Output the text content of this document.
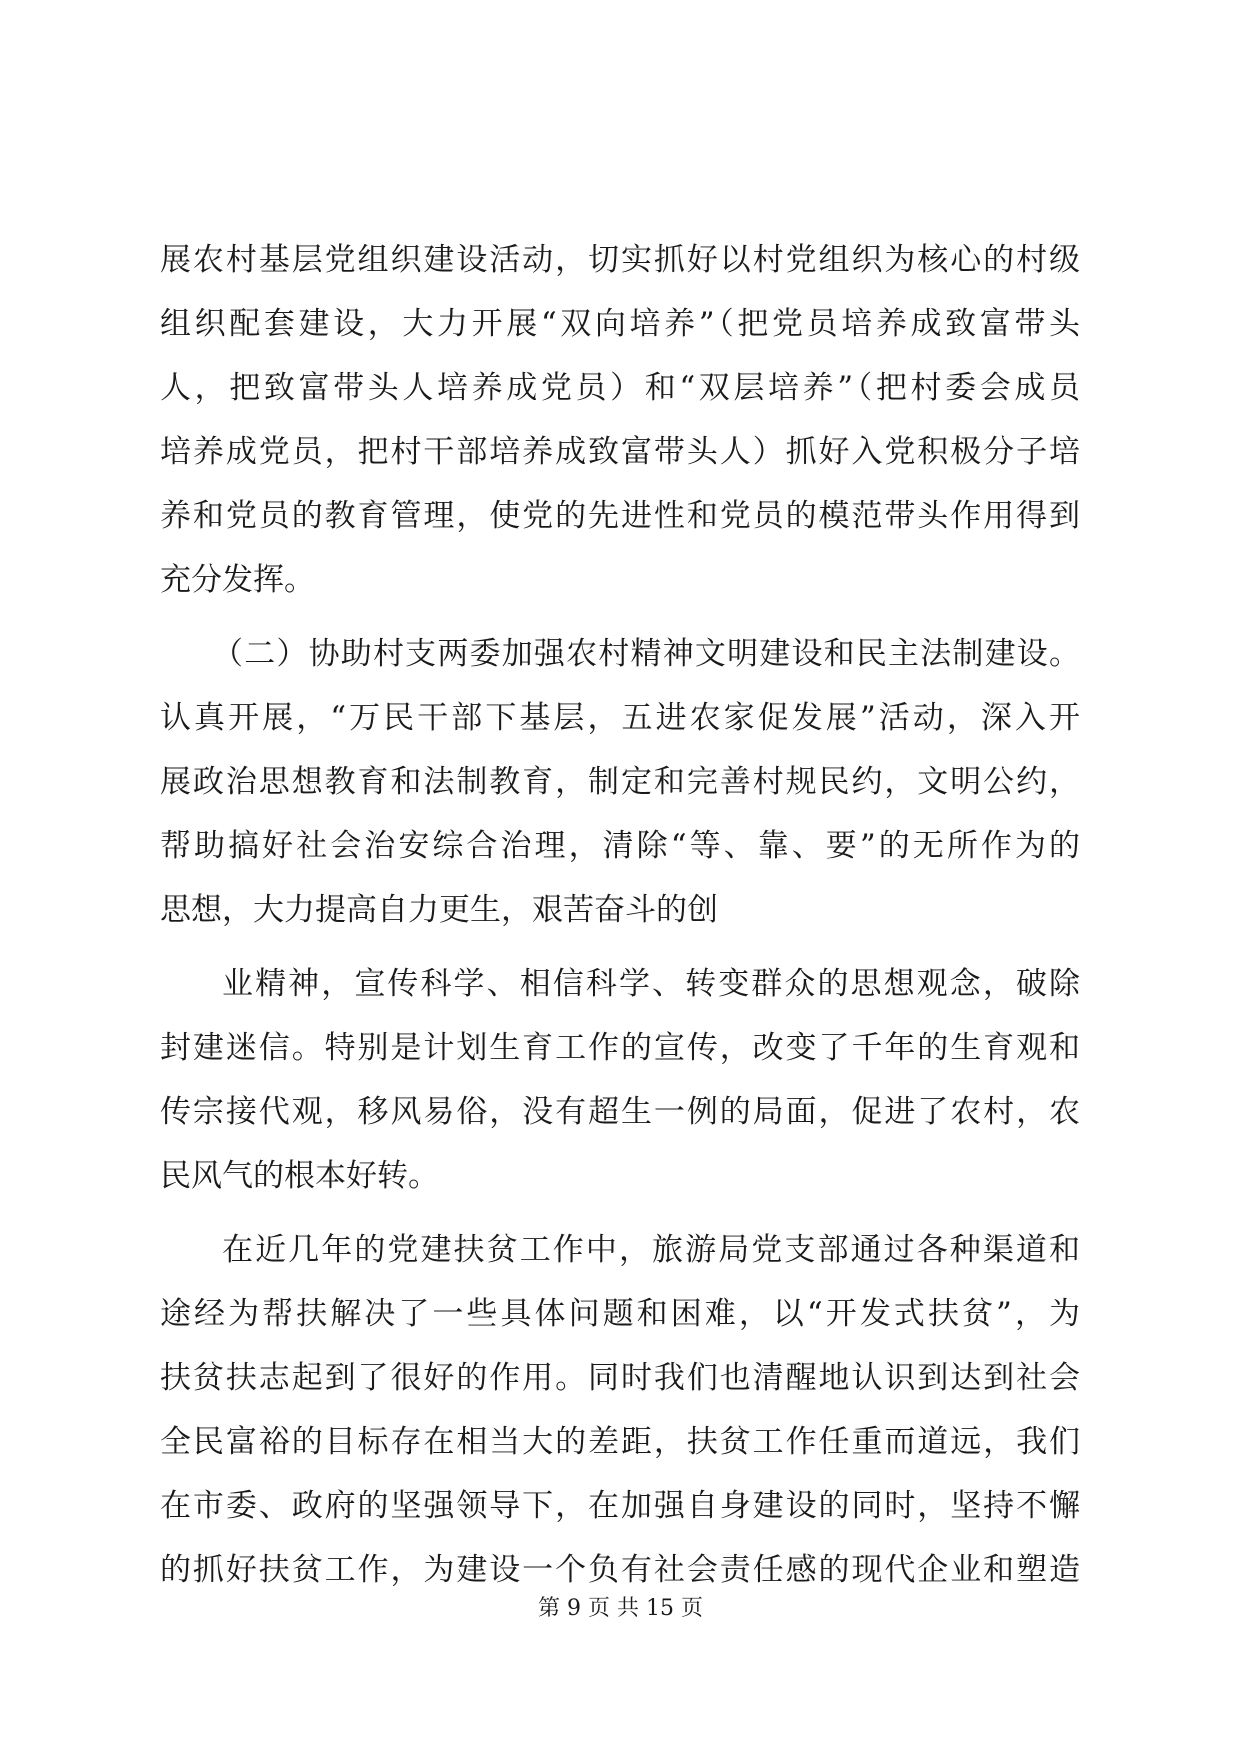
展农村基层党组织建设活动，切实抓好以村党组织为核心的村级
组织配套建设，大力开展“双向培养”（把党员培养成致富带头
人，把致富带头人培养成党员）和“双层培养”（把村委会成员
培养成党员，把村干部培养成致富带头人）抓好入党积极分子培
养和党员的教育管理，使党的先进性和党员的模范带头作用得到
充分发挥。
（二）协助村支两委加强农村精神文明建设和民主法制建设。
认真开展，“万民干部下基层，五进农家促发展”活动，深入开
展政治思想教育和法制教育，制定和完善村规民约，文明公约，
帮助搞好社会治安综合治理，清除“等、靠、要”的无所作为的
思想，大力提高自力更生，艰苦奋斗的创
业精神，宣传科学、相信科学、转变群众的思想观念，破除
封建迷信。特别是计划生育工作的宣传，改变了千年的生育观和
传宗接代观，移风易俗，没有超生一例的局面，促进了农村，农
民风气的根本好转。
在近几年的党建扶贫工作中，旅游局党支部通过各种渠道和
途经为帮扶解决了一些具体问题和困难，以“开发式扶贫”，为
扶贫扶志起到了很好的作用。同时我们也清醒地认识到达到社会
全民富裕的目标存在相当大的差距，扶贫工作任重而道远，我们
在市委、政府的坚强领导下，在加强自身建设的同时，坚持不懈
的抓好扶贫工作，为建设一个负有社会责任感的现代企业和塑造
第 9 页 共 15 页
